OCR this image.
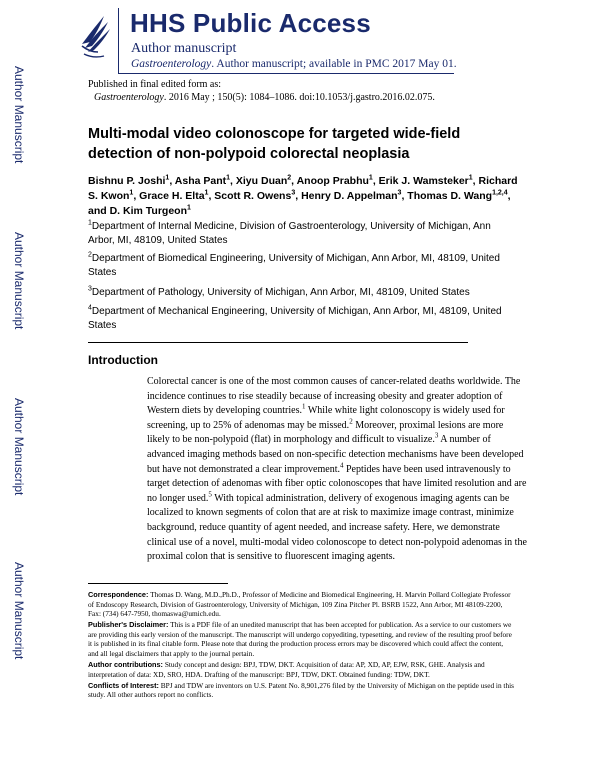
Author Manuscript
Author Manuscript
Author Manuscript
Author Manuscript
HHS Public Access
Author manuscript
Gastroenterology. Author manuscript; available in PMC 2017 May 01.
Published in final edited form as:
Gastroenterology. 2016 May ; 150(5): 1084–1086. doi:10.1053/j.gastro.2016.02.075.
Multi-modal video colonoscope for targeted wide-field detection of non-polypoid colorectal neoplasia
Bishnu P. Joshi$^1$, Asha Pant$^1$, Xiyu Duan$^2$, Anoop Prabhu$^1$, Erik J. Wamsteker$^1$, Richard S. Kwon$^1$, Grace H. Elta$^1$, Scott R. Owens$^3$, Henry D. Appelman$^3$, Thomas D. Wang$^{1,2,4}$, and D. Kim Turgeon$^1$
$^1$Department of Internal Medicine, Division of Gastroenterology, University of Michigan, Ann Arbor, MI, 48109, United States
$^2$Department of Biomedical Engineering, University of Michigan, Ann Arbor, MI, 48109, United States
$^3$Department of Pathology, University of Michigan, Ann Arbor, MI, 48109, United States
$^4$Department of Mechanical Engineering, University of Michigan, Ann Arbor, MI, 48109, United States
Introduction
Colorectal cancer is one of the most common causes of cancer-related deaths worldwide. The incidence continues to rise steadily because of increasing obesity and greater adoption of Western diets by developing countries.$^1$ While white light colonoscopy is widely used for screening, up to 25% of adenomas may be missed.$^2$ Moreover, proximal lesions are more likely to be non-polypoid (flat) in morphology and difficult to visualize.$^3$ A number of advanced imaging methods based on non-specific detection mechanisms have been developed but have not demonstrated a clear improvement.$^4$ Peptides have been used intravenously to target detection of adenomas with fiber optic colonoscopes that have limited resolution and are no longer used.$^5$ With topical administration, delivery of exogenous imaging agents can be localized to known segments of colon that are at risk to maximize image contrast, minimize background, reduce quantity of agent needed, and increase safety. Here, we demonstrate clinical use of a novel, multi-modal video colonoscope to detect non-polypoid adenomas in the proximal colon that is sensitive to fluorescent imaging agents.

Correspondence: Thomas D. Wang, M.D.,Ph.D., Professor of Medicine and Biomedical Engineering, H. Marvin Pollard Collegiate Professor of Endoscopy Research, Division of Gastroenterology, University of Michigan, 109 Zina Pitcher Pl. BSRB 1522, Ann Arbor, MI 48109-2200, Fax: (734) 647-7950, thomaswa@umich.edu.

Publisher's Disclaimer: This is a PDF file of an unedited manuscript that has been accepted for publication. As a service to our customers we are providing this early version of the manuscript. The manuscript will undergo copyediting, typesetting, and review of the resulting proof before it is published in its final citable form. Please note that during the production process errors may be discovered which could affect the content, and all legal disclaimers that apply to the journal pertain.

Author contributions: Study concept and design: BPJ, TDW, DKT. Acquisition of data: AP, XD, AP, EJW, RSK, GHE. Analysis and interpretation of data: XD, SRO, HDA. Drafting of the manuscript: BPJ, TDW, DKT. Obtained funding: TDW, DKT.

Conflicts of Interest: BPJ and TDW are inventors on U.S. Patent No. 8,901,276 filed by the University of Michigan on the peptide used in this study. All other authors report no conflicts.
